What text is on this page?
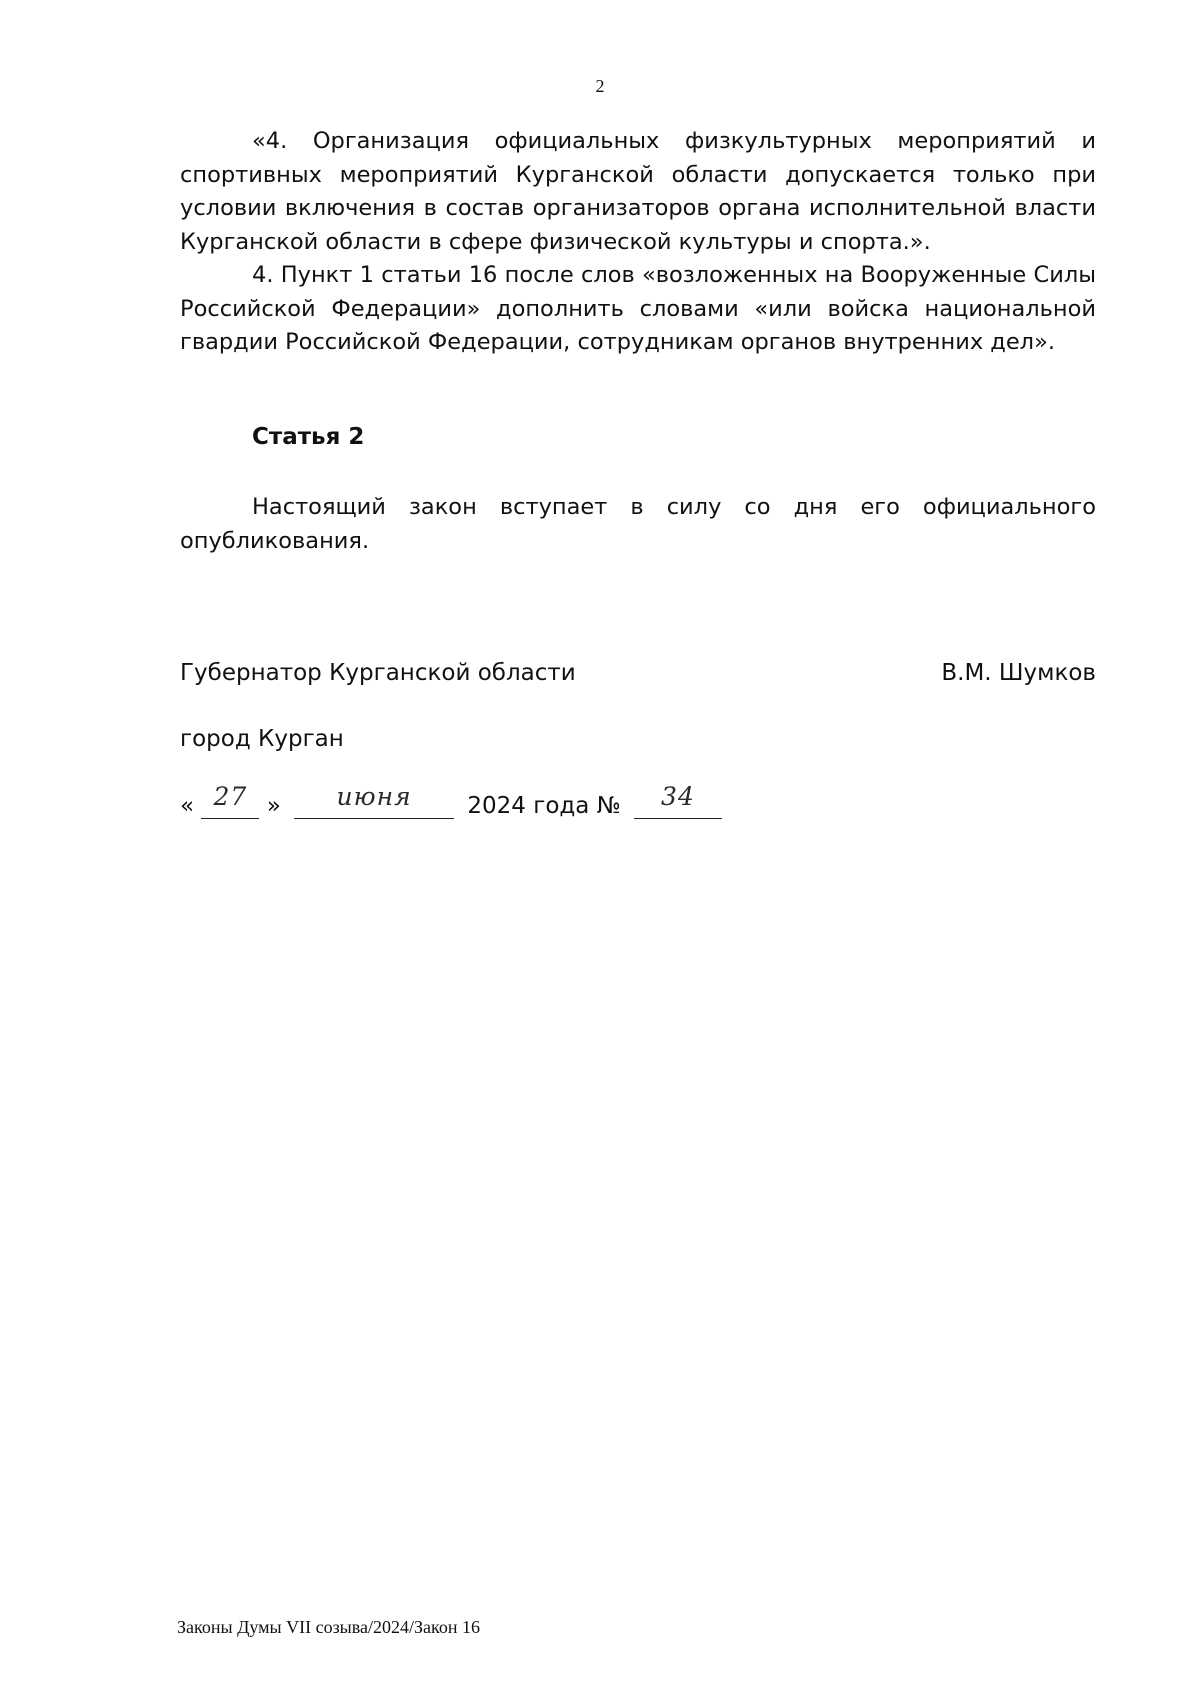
2

«4. Организация официальных физкультурных мероприятий и спортивных мероприятий Курганской области допускается только при условии включения в состав организаторов органа исполнительной власти Курганской области в сфере физической культуры и спорта.».

4. Пункт 1 статьи 16 после слов «возложенных на Вооруженные Силы Российской Федерации» дополнить словами «или войска национальной гвардии Российской Федерации, сотрудникам органов внутренних дел».

Статья 2

Настоящий закон вступает в силу со дня его официального опубликования.

Губернатор Курганской области	В.М. Шумков
город Курган
« 27 » июня 2024 года № 34
Законы Думы VII созыва/2024/Закон 16
